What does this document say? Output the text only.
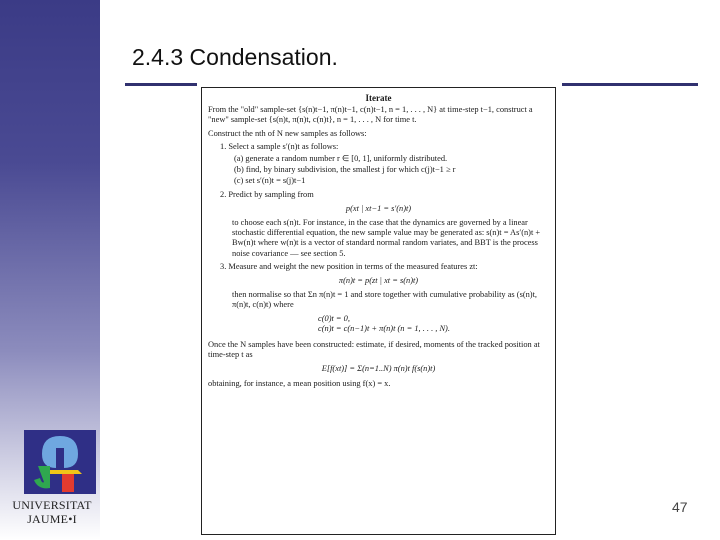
2.4.3 Condensation.
UNIVERSITAT
JAUME•I
Iterate

From the "old" sample-set {s(n)t−1, π(n)t−1, c(n)t−1, n = 1, . . . , N} at time-step t−1, construct a "new" sample-set {s(n)t, π(n)t, c(n)t}, n = 1, . . . , N for time t.

Construct the nth of N new samples as follows:

1. Select a sample s′(n)t as follows:
(a) generate a random number r ∈ [0, 1], uniformly distributed.
(b) find, by binary subdivision, the smallest j for which c(j)t−1 ≥ r
(c) set s′(n)t = s(j)t−1
2. Predict by sampling from
p(xt | xt−1 = s′(n)t)

to choose each s(n)t. For instance, in the case that the dynamics are governed by a linear stochastic differential equation, the new sample value may be generated as: s(n)t = As′(n)t + Bw(n)t where w(n)t is a vector of standard normal random variates, and BBT is the process noise covariance — see section 5.

3. Measure and weight the new position in terms of the measured features zt:
π(n)t = p(zt | xt = s(n)t)

then normalise so that Σn π(n)t = 1 and store together with cumulative probability as (s(n)t, π(n)t, c(n)t) where

c(0)t = 0,
c(n)t = c(n−1)t + π(n)t (n = 1, . . . , N).

Once the N samples have been constructed: estimate, if desired, moments of the tracked position at time-step t as

E[f(xt)] = Σ(n=1..N) π(n)t f(s(n)t)

obtaining, for instance, a mean position using f(x) = x.

47
